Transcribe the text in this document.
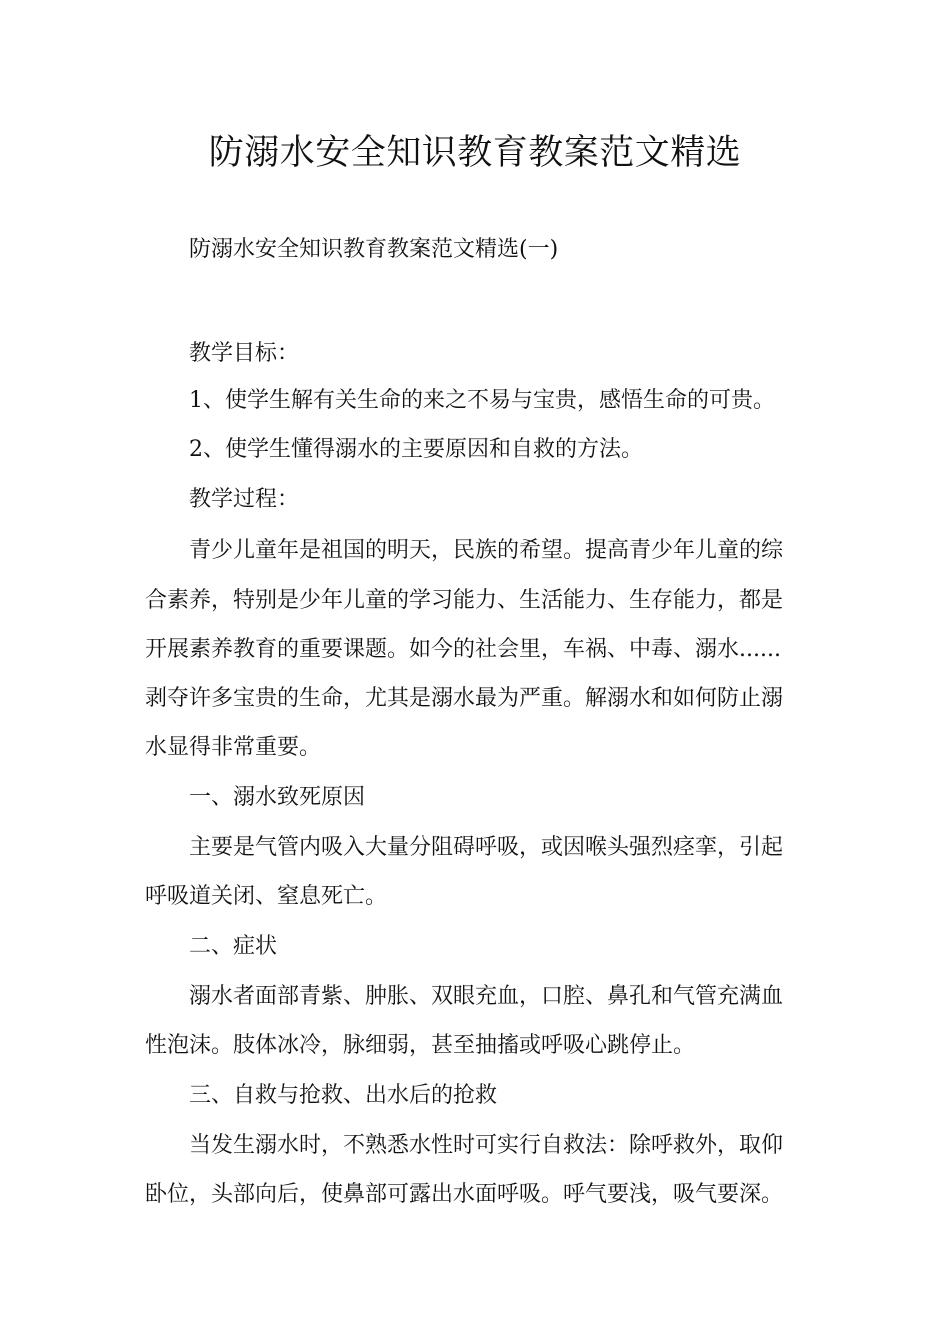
防溺水安全知识教育教案范文精选

防溺水安全知识教育教案范文精选(一)

教学目标：

1、使学生解有关生命的来之不易与宝贵，感悟生命的可贵。

2、使学生懂得溺水的主要原因和自救的方法。

教学过程：

青少儿童年是祖国的明天，民族的希望。提高青少年儿童的综

合素养，特别是少年儿童的学习能力、生活能力、生存能力，都是

开展素养教育的重要课题。如今的社会里，车祸、中毒、溺水......

剥夺许多宝贵的生命，尤其是溺水最为严重。解溺水和如何防止溺

水显得非常重要。

一、溺水致死原因

主要是气管内吸入大量分阻碍呼吸，或因喉头强烈痉挛，引起

呼吸道关闭、窒息死亡。

二、症状

溺水者面部青紫、肿胀、双眼充血，口腔、鼻孔和气管充满血

性泡沫。肢体冰冷，脉细弱，甚至抽搐或呼吸心跳停止。

三、自救与抢救、出水后的抢救

当发生溺水时，不熟悉水性时可实行自救法：除呼救外，取仰

卧位，头部向后，使鼻部可露出水面呼吸。呼气要浅，吸气要深。
